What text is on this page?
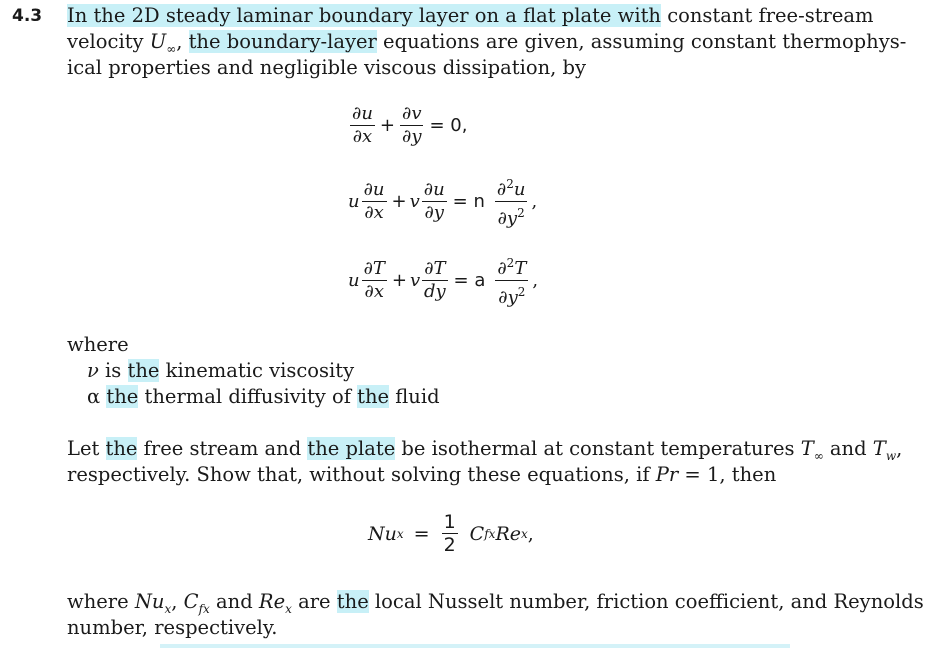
4.3 In the 2D steady laminar boundary layer on a flat plate with constant free-stream
velocity $U_\infty$, the boundary-layer equations are given, assuming constant thermophys-
ical properties and negligible viscous dissipation, by
$\frac{\partial u}{\partial x} + \frac{\partial v}{\partial y} = 0$,
u $\frac{\partial u}{\partial x} + v \frac{\partial u}{\partial y} = n \frac{\partial^2u}{\partial y^2}$ ,
u $\frac{\partial T}{\partial x} + v \frac{\partial T}{dy} = a \frac{\partial^2T}{\partial y^2}$ ,
where
ν is the kinematic viscosity
α the thermal diffusivity of the fluid
Let the free stream and the plate be isothermal at constant temperatures $T_\infty$ and $T_w$,
respectively. Show that, without solving these equations, if Pr = 1, then
Nu $x = \frac{1}{2}$ C fx Re x ,
where $Nu_x$, $C_{fx}$ and $Re_x$ are the local Nusselt number, friction coefficient, and Reynolds
number, respectively.
